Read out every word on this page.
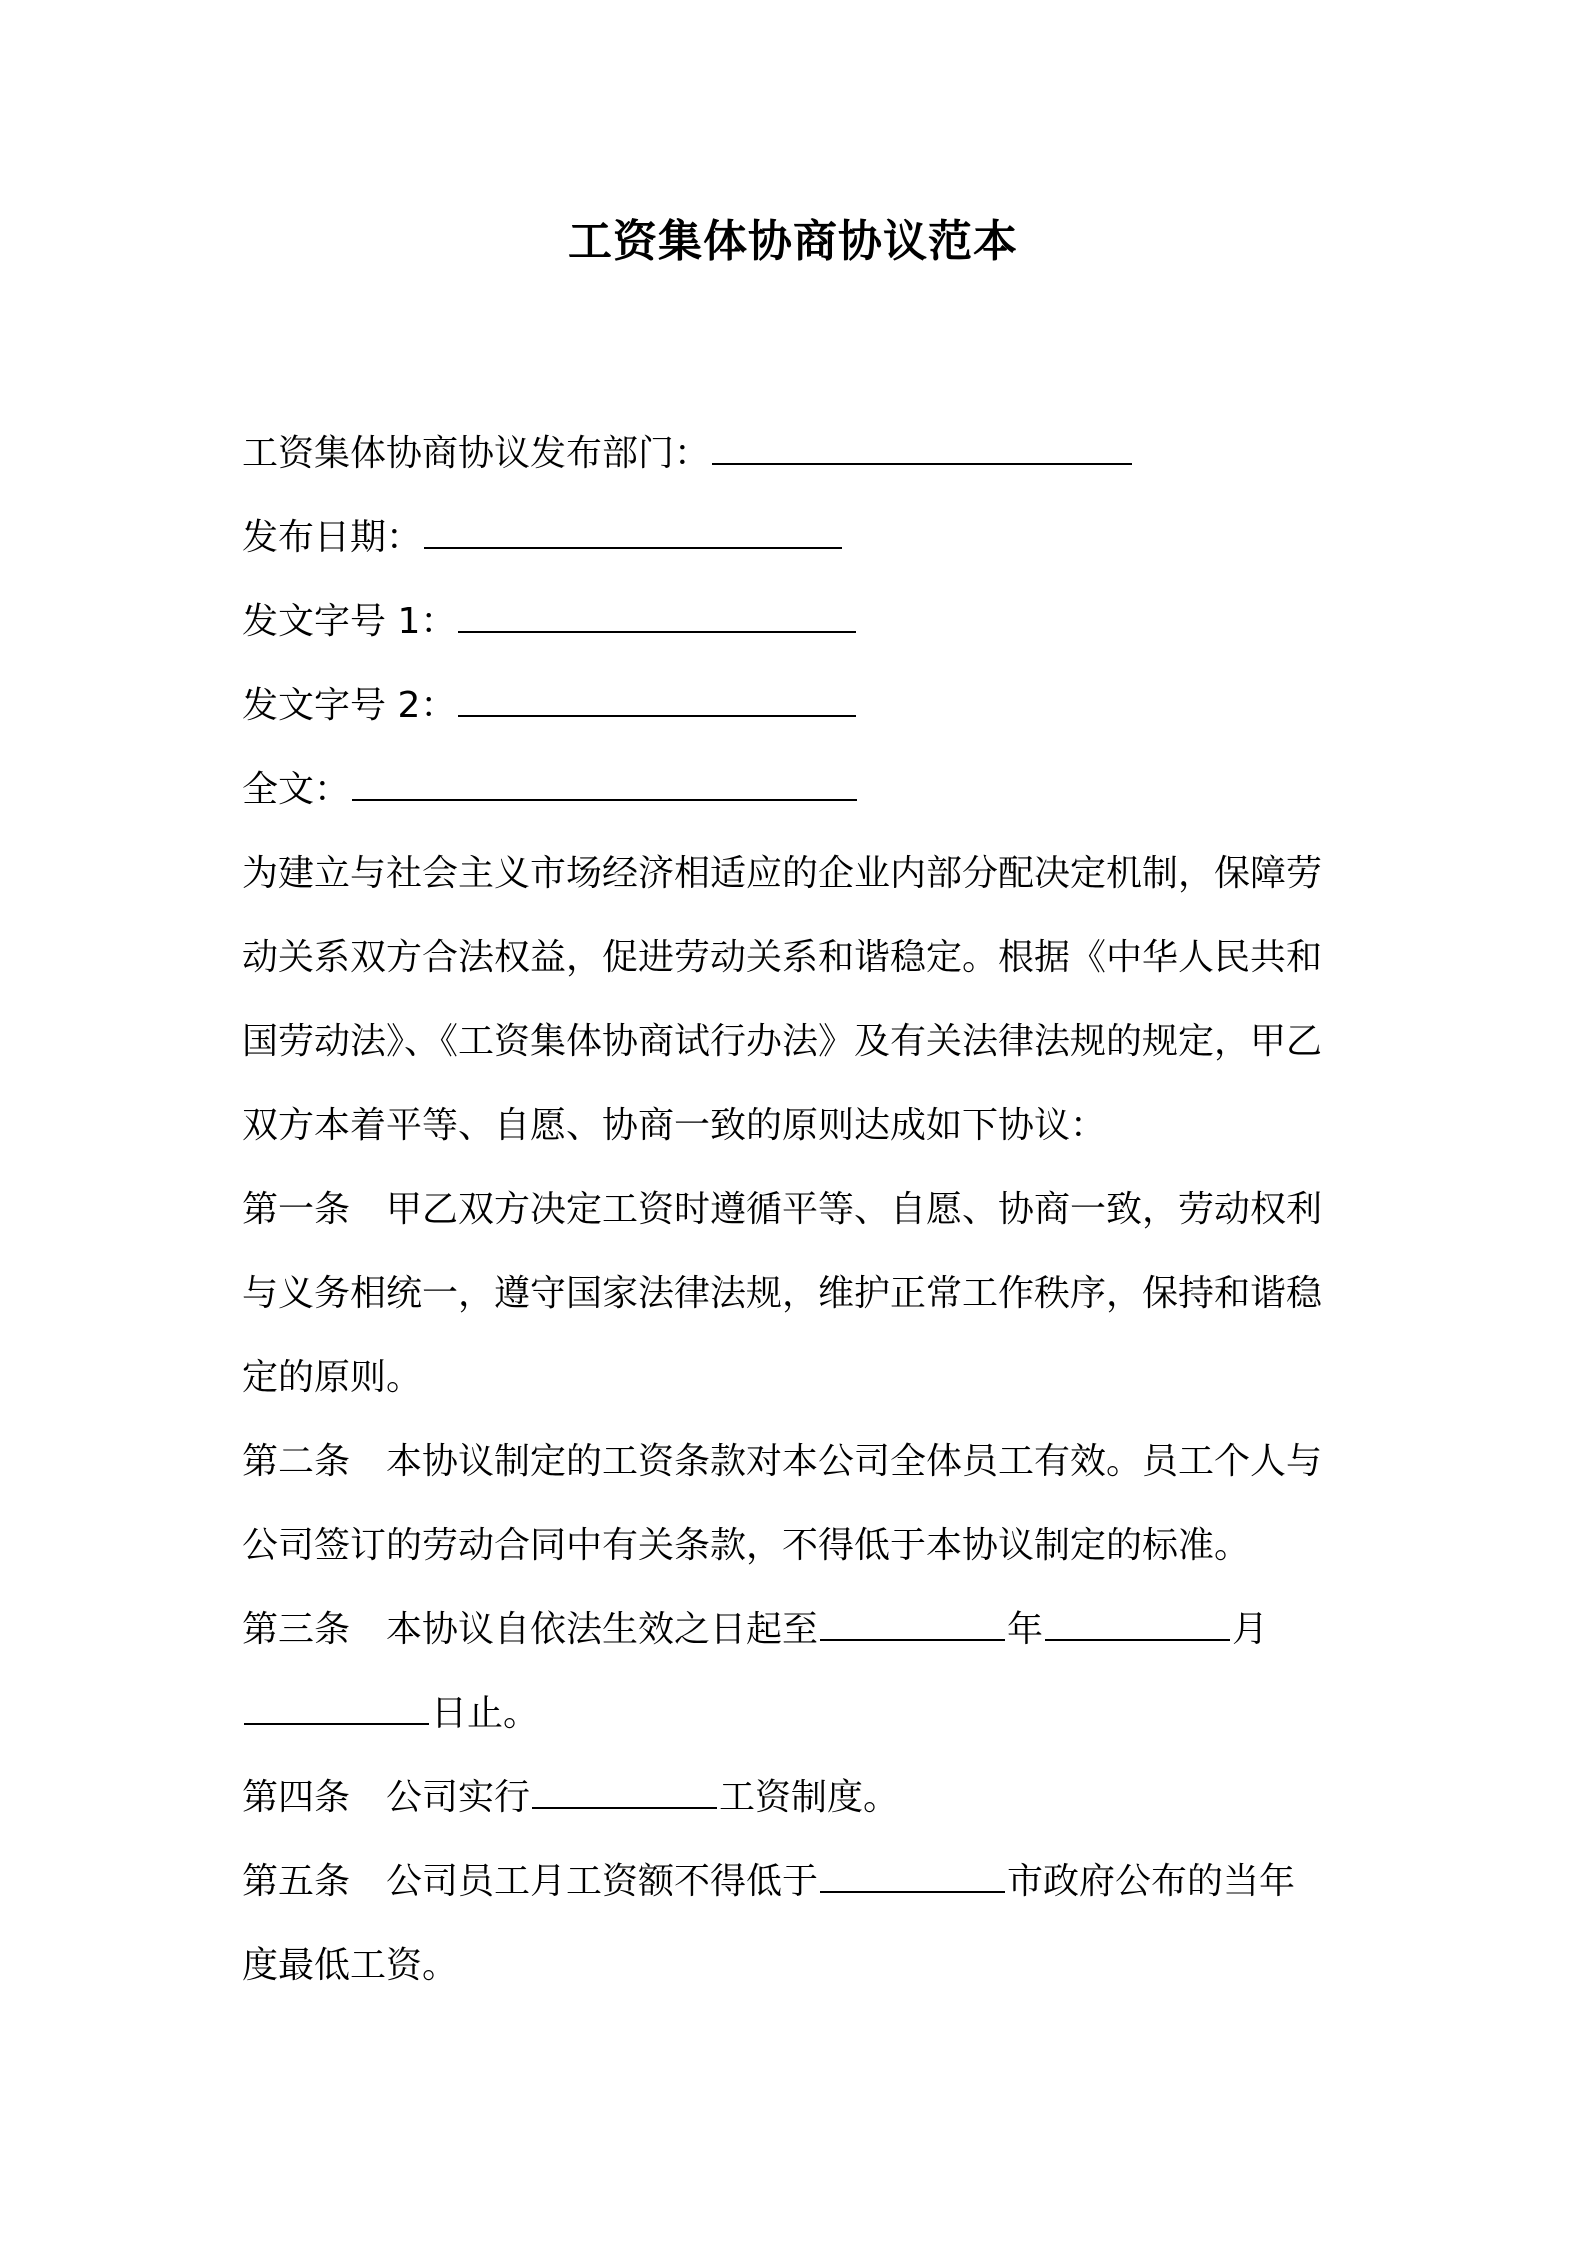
工资集体协商协议范本
工资集体协商协议发布部门：
发布日期：
发文字号 1：
发文字号 2：
全文：
为建立与社会主义市场经济相适应的企业内部分配决定机制，保障劳
动关系双方合法权益，促进劳动关系和谐稳定。根据《中华人民共和
国劳动法》、《工资集体协商试行办法》及有关法律法规的规定，甲乙
双方本着平等、自愿、协商一致的原则达成如下协议：
第一条 甲乙双方决定工资时遵循平等、自愿、协商一致，劳动权利
与义务相统一，遵守国家法律法规，维护正常工作秩序，保持和谐稳
定的原则。
第二条 本协议制定的工资条款对本公司全体员工有效。员工个人与
公司签订的劳动合同中有关条款，不得低于本协议制定的标准。
第三条 本协议自依法生效之日起至	年	月
日止。
第四条 公司实行	工资制度。
第五条 公司员工月工资额不得低于	市政府公布的当年
度最低工资。
